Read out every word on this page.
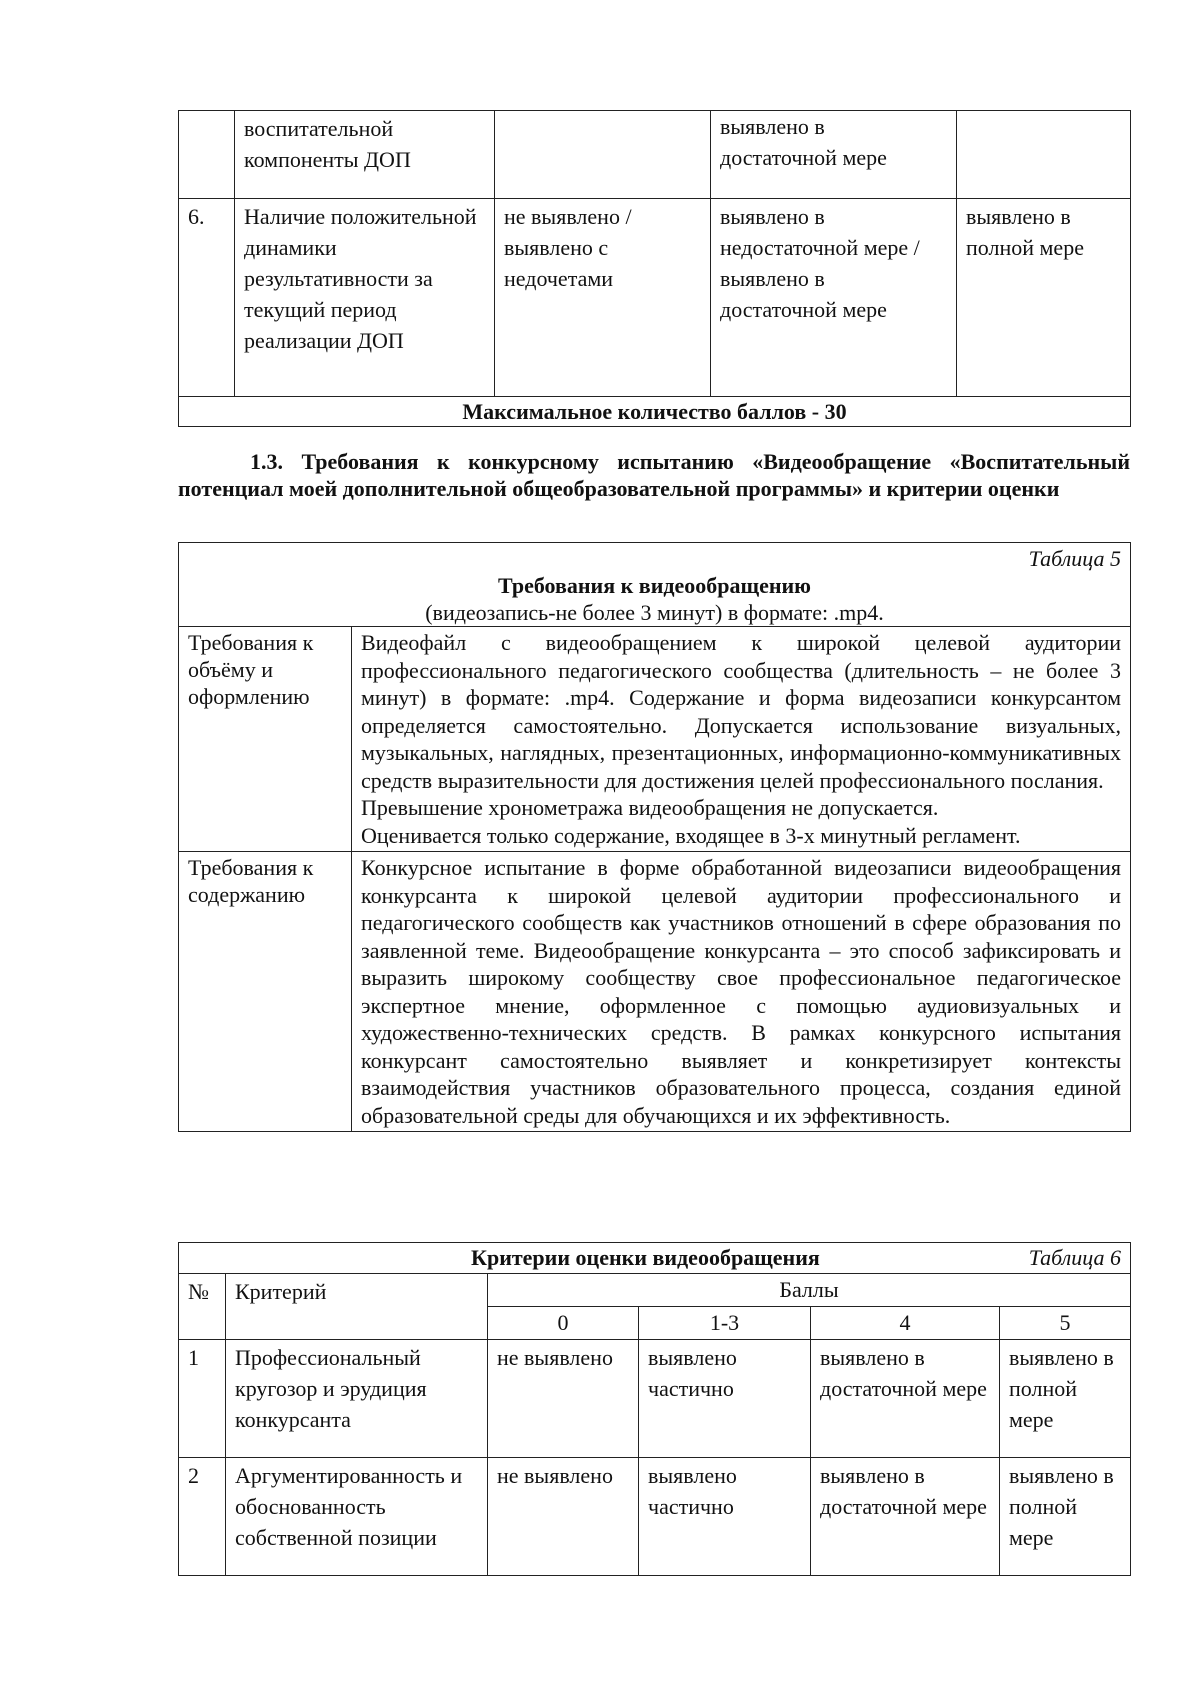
	воспитательной компоненты ДОП		выявлено в достаточной мере	
6.	Наличие положительной динамики результативности за текущий период реализации ДОП	не выявлено / выявлено с недочетами	выявлено в недостаточной мере / выявлено в достаточной мере	выявлено в полной мере
Максимальное количество баллов - 30				
1.3. Требования к конкурсному испытанию «Видеообращение «Воспитательный потенциал моей дополнительной общеобразовательной программы» и критерии оценки
Таблица 5
Требования к видеообращению
(видеозапись-не более 3 минут) в формате: .mp4.	

Требования к объёму и оформлению	Видеофайл с видеообращением к широкой целевой аудитории профессионального педагогического сообщества (длительность – не более 3 минут) в формате: .mp4. Содержание и форма видеозаписи конкурсантом определяется самостоятельно. Допускается использование визуальных, музыкальных, наглядных, презентационных, информационно-коммуникативных средств выразительности для достижения целей профессионального послания.
Превышение хронометража видеообращения не допускается.
Оценивается только содержание, входящее в 3-х минутный регламент.

Требования к содержанию	Конкурсное испытание в форме обработанной видеозаписи видеообращения конкурсанта к широкой целевой аудитории профессионального и педагогического сообществ как участников отношений в сфере образования по заявленной теме. Видеообращение конкурсанта – это способ зафиксировать и выразить широкому сообществу свое профессиональное педагогическое экспертное мнение, оформленное с помощью аудиовизуальных и художественно-технических средств. В рамках конкурсного испытания конкурсант самостоятельно выявляет и конкретизирует контексты взаимодействия участников образовательного процесса, создания единой образовательной среды для обучающихся и их эффективность.
Критерии оценки видеообращения Таблица 6					

№	Критерий	Баллы			
		0	1-3	4	5
1	Профессиональный кругозор и эрудиция конкурсанта	не выявлено	выявлено частично	выявлено в достаточной мере	выявлено в полной мере
2	Аргументированность и обоснованность собственной позиции	не выявлено	выявлено частично	выявлено в достаточной мере	выявлено в полной мере
